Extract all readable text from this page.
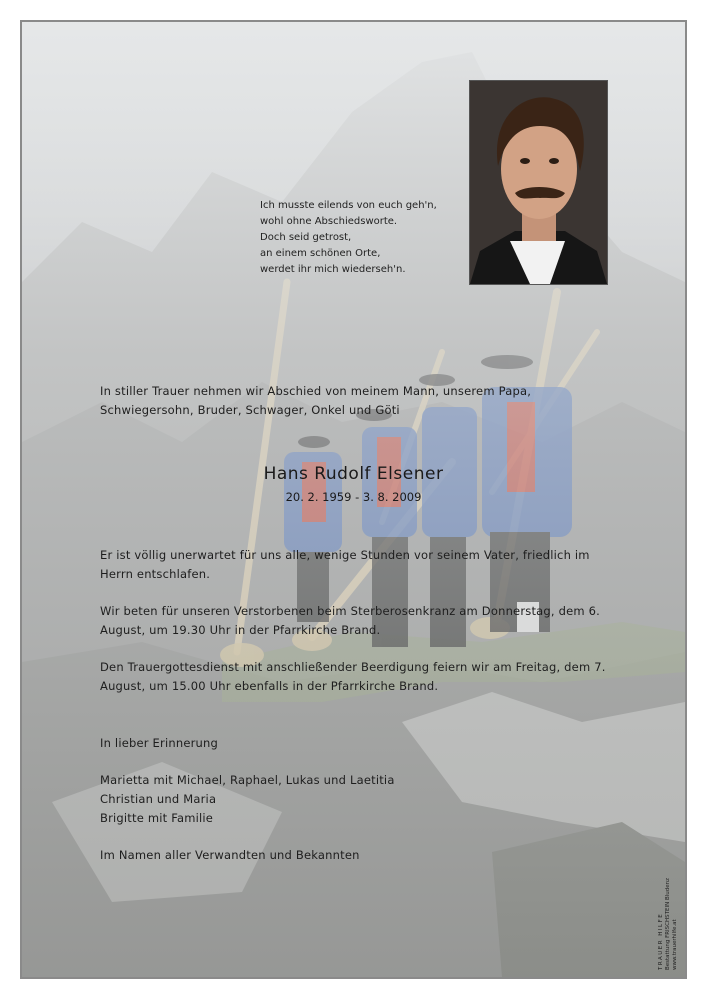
Ich musste eilends von euch geh'n,
wohl ohne Abschiedsworte.
Doch seid getrost,
an einem schönen Orte,
werdet ihr mich wiederseh'n.
In stiller Trauer nehmen wir Abschied von meinem Mann, unserem Papa, Schwiegersohn, Bruder, Schwager, Onkel und Göti
Hans Rudolf Elsener
20. 2. 1959 - 3. 8. 2009
Er ist völlig unerwartet für uns alle, wenige Stunden vor seinem Vater, friedlich im Herrn entschlafen.
Wir beten für unseren Verstorbenen beim Sterberosenkranz am Donnerstag, dem 6. August, um 19.30 Uhr in der Pfarrkirche Brand.
Den Trauergottesdienst mit anschließender Beerdigung feiern wir am Freitag, dem 7. August, um 15.00 Uhr ebenfalls in der Pfarrkirche Brand.
In lieber Erinnerung
Marietta mit Michael, Raphael, Lukas und Laetitia
Christian und Maria
Brigitte mit Familie
Im Namen aller Verwandten und Bekannten
TRAUER HILFE Bestattung FRISCHSTEIN Bludenz www.trauerhilfe.at
